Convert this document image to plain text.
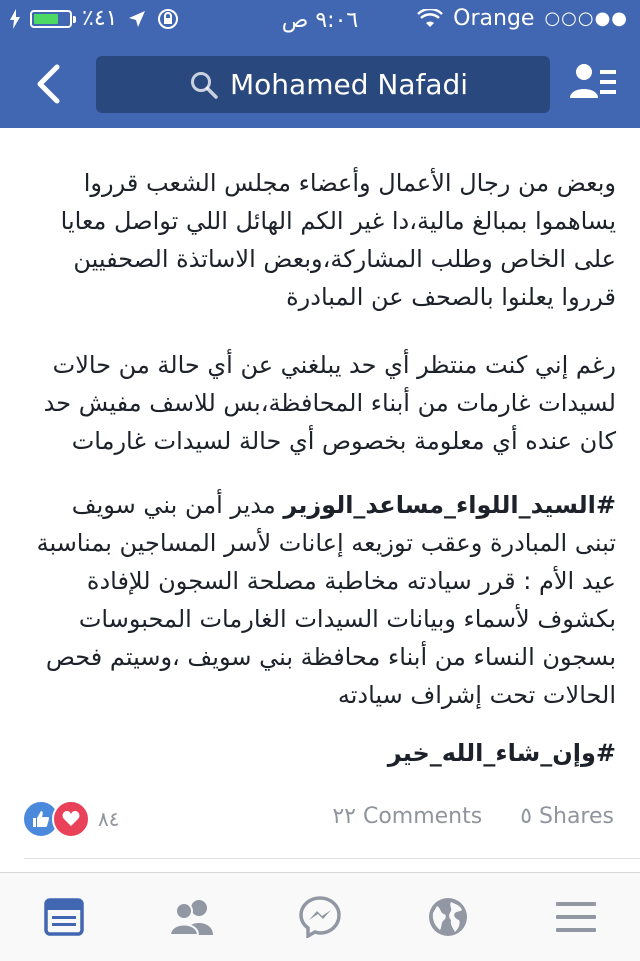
٪٤١	٩:٠٦ ص	Orange ○○○●●
Mohamed Nafadi
وبعض من رجال الأعمال وأعضاء مجلس الشعب قرروا يساهموا بمبالغ مالية،دا غير الكم الهائل اللي تواصل معايا على الخاص وطلب المشاركة،وبعض الاساتذة الصحفيين قرروا يعلنوا بالصحف عن المبادرة
رغم إني كنت منتظر أي حد يبلغني عن أي حالة من حالات لسيدات غارمات من أبناء المحافظة،بس للاسف مفيش حد كان عنده أي معلومة بخصوص أي حالة لسيدات غارمات
#السيد_اللواء_مساعد_الوزير مدير أمن بني سويف تبنى المبادرة وعقب توزيعه إعانات لأسر المساجين بمناسبة عيد الأم : قرر سيادته مخاطبة مصلحة السجون للإفادة بكشوف لأسماء وبيانات السيدات الغارمات المحبوسات بسجون النساء من أبناء محافظة بني سويف ،وسيتم فحص الحالات تحت إشراف سيادته
#وإن_شاء_الله_خير
٨٤	٢٢ Comments ٥ Shares
